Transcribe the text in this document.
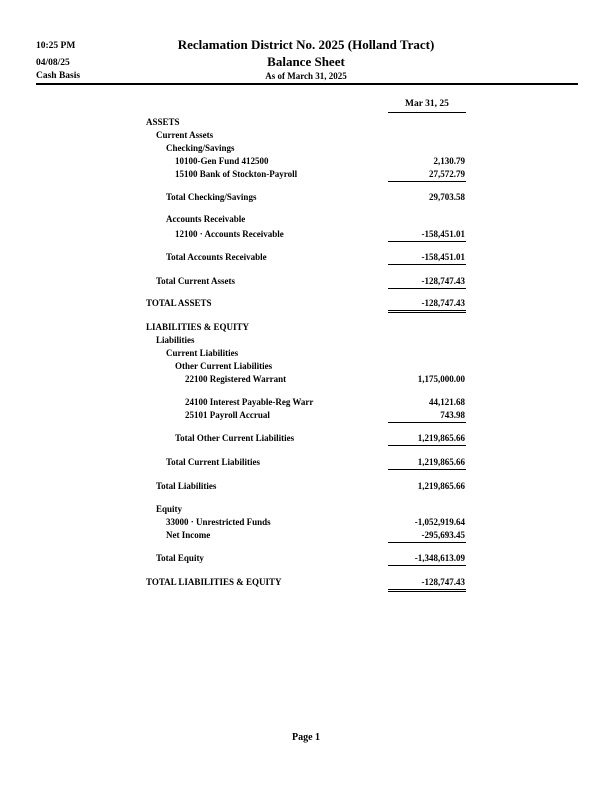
10:25 PM
04/08/25
Cash Basis
Reclamation District No. 2025 (Holland Tract)
Balance Sheet
As of March 31, 2025
Mar 31, 25
ASSETS
Current Assets
Checking/Savings
10100-Gen Fund 412500	2,130.79
15100 Bank of Stockton-Payroll	27,572.79
Total Checking/Savings	29,703.58
Accounts Receivable
12100 · Accounts Receivable	-158,451.01
Total Accounts Receivable	-158,451.01
Total Current Assets	-128,747.43
TOTAL ASSETS	-128,747.43
LIABILITIES & EQUITY
Liabilities
Current Liabilities
Other Current Liabilities
22100 Registered Warrant	1,175,000.00
24100 Interest Payable-Reg Warr	44,121.68
25101 Payroll Accrual	743.98
Total Other Current Liabilities	1,219,865.66
Total Current Liabilities	1,219,865.66
Total Liabilities	1,219,865.66
Equity
33000 · Unrestricted Funds	-1,052,919.64
Net Income	-295,693.45
Total Equity	-1,348,613.09
TOTAL LIABILITIES & EQUITY	-128,747.43
Page 1
